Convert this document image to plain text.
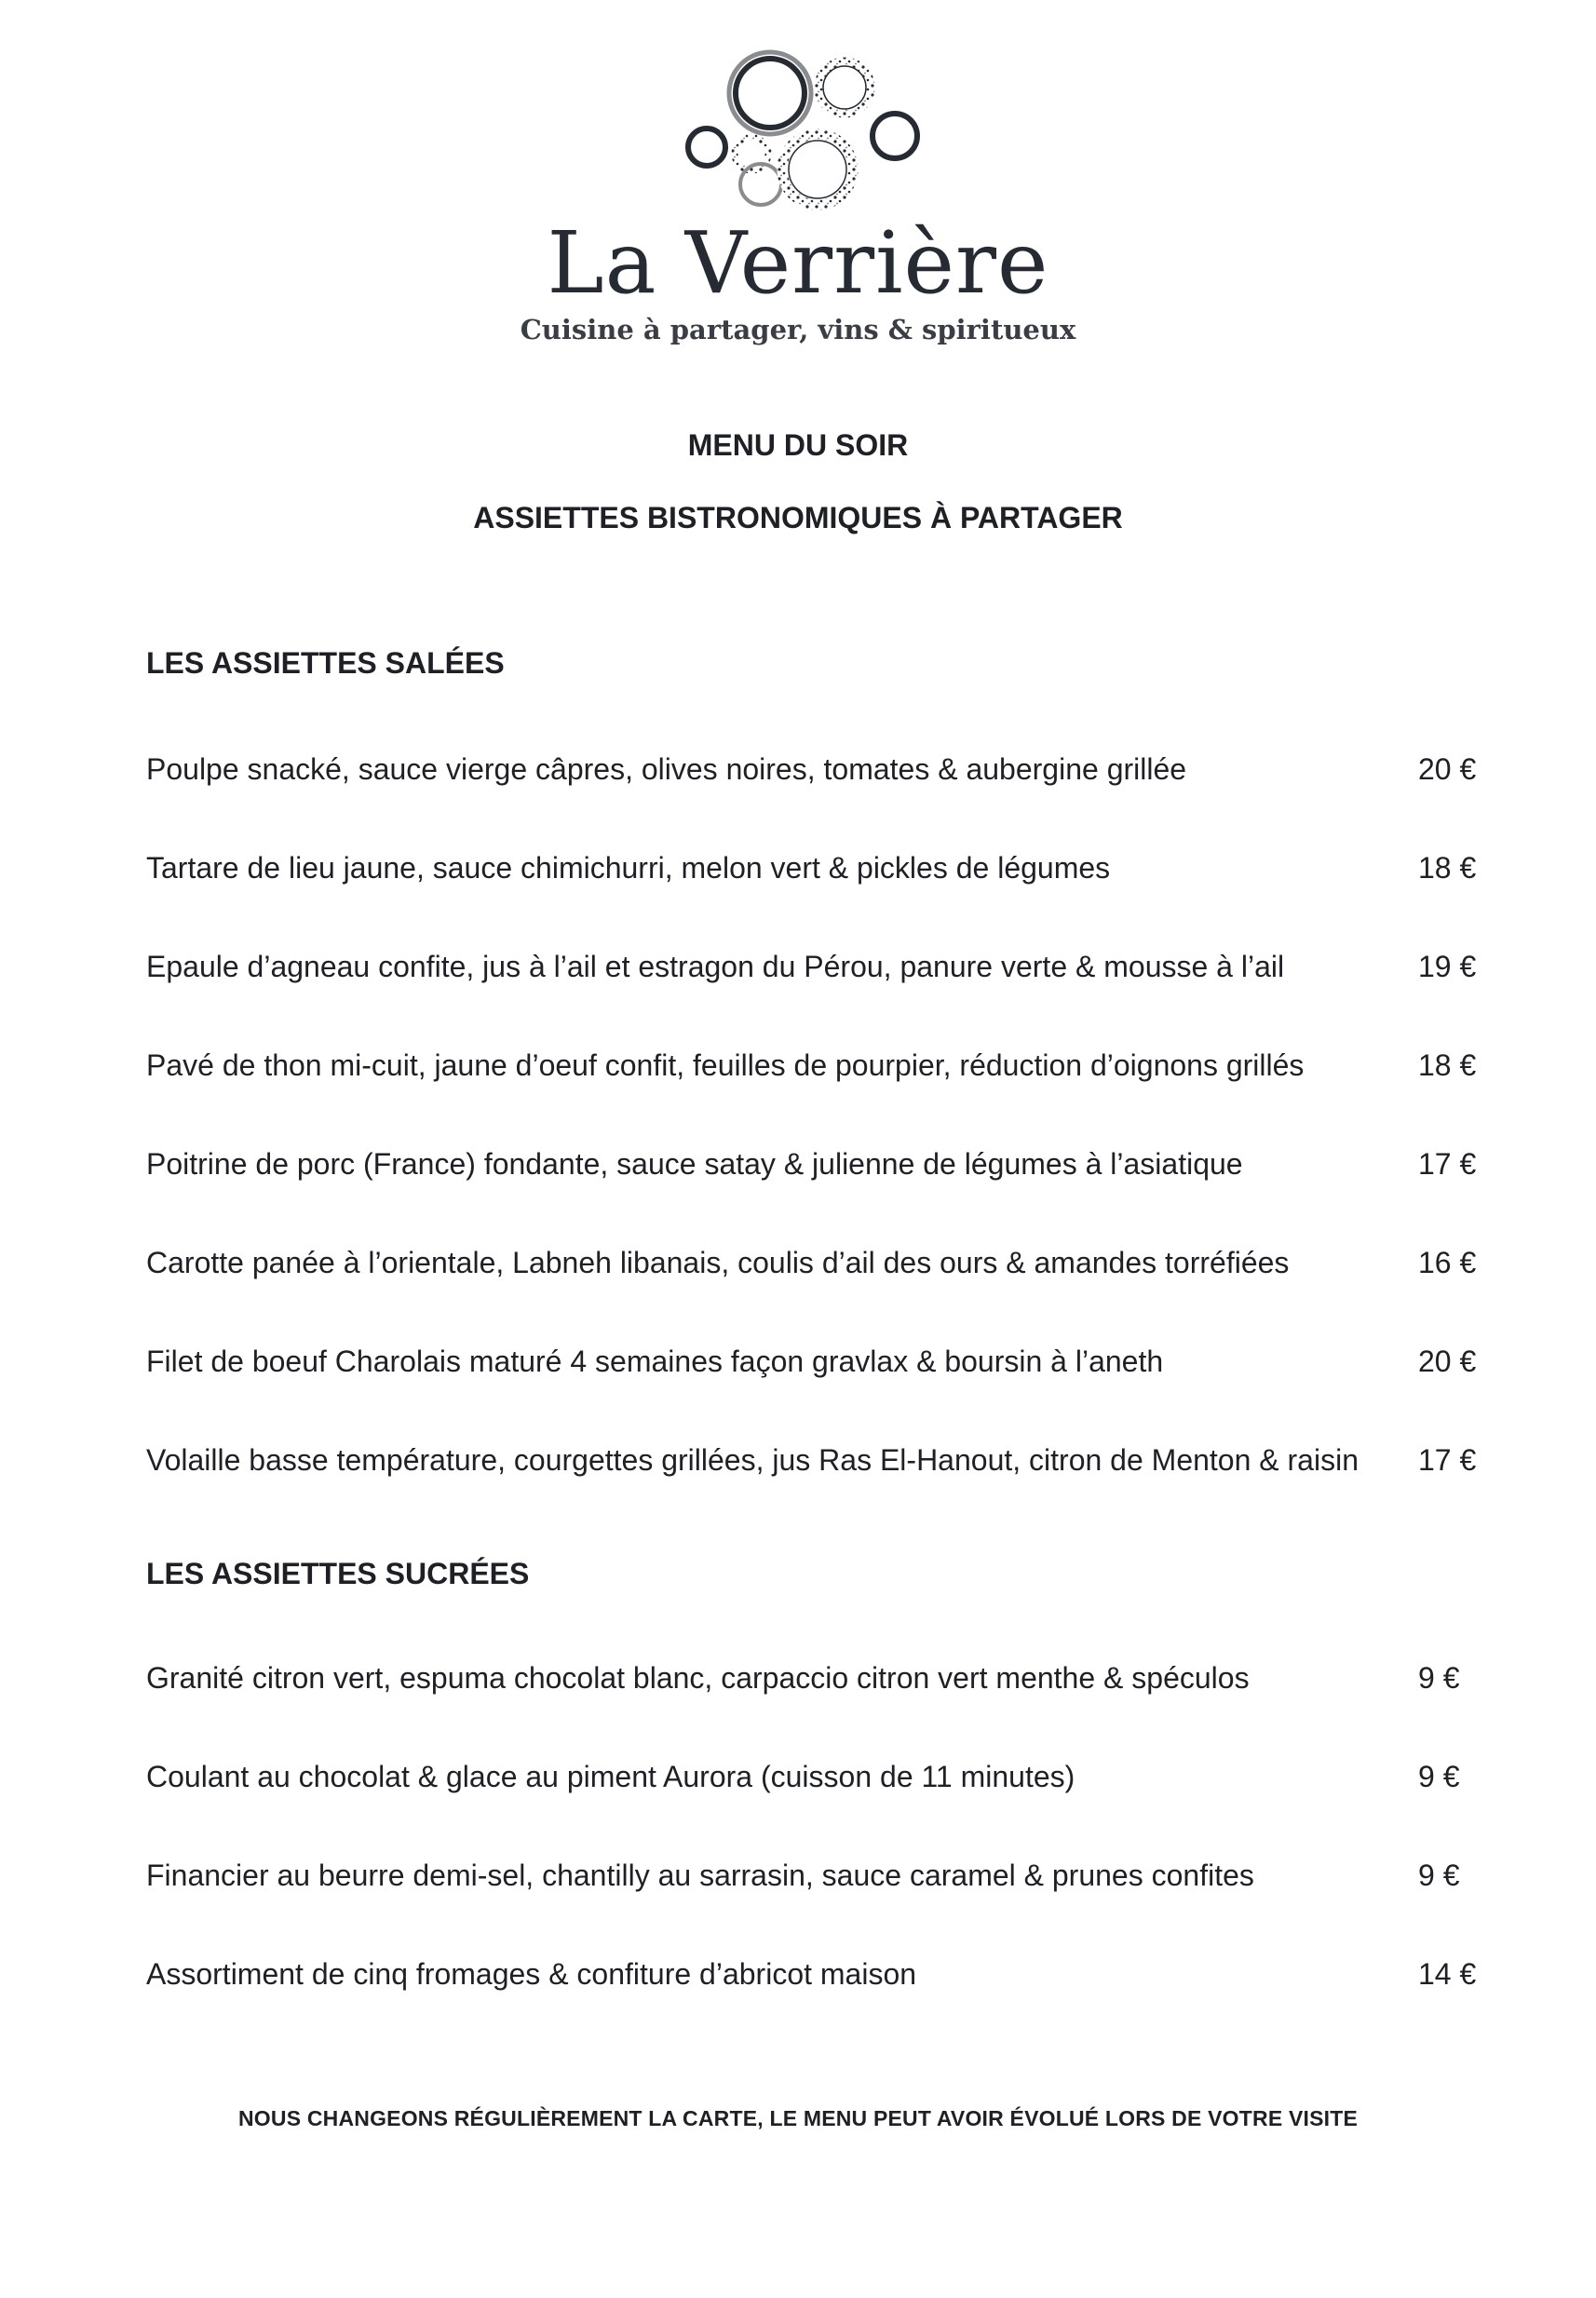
La Verrière
Cuisine à partager, vins & spiritueux
MENU DU SOIR
ASSIETTES BISTRONOMIQUES À PARTAGER
LES ASSIETTES SALÉES
Poulpe snacké, sauce vierge câpres, olives noires, tomates & aubergine grillée	20 €
Tartare de lieu jaune, sauce chimichurri, melon vert & pickles de légumes	18 €
Epaule d’agneau confite, jus à l’ail et estragon du Pérou, panure verte & mousse à l’ail	19 €
Pavé de thon mi-cuit, jaune d’oeuf confit, feuilles de pourpier, réduction d’oignons grillés	18 €
Poitrine de porc (France) fondante, sauce satay & julienne de légumes à l’asiatique	17 €
Carotte panée à l’orientale, Labneh libanais, coulis d’ail des ours & amandes torréfiées	16 €
Filet de boeuf Charolais maturé 4 semaines façon gravlax & boursin à l’aneth	20 €
Volaille basse température, courgettes grillées, jus Ras El-Hanout, citron de Menton & raisin 17 €
LES ASSIETTES SUCRÉES
Granité citron vert, espuma chocolat blanc, carpaccio citron vert menthe & spéculos	9 €
Coulant au chocolat & glace au piment Aurora (cuisson de 11 minutes)	9 €
Financier au beurre demi-sel, chantilly au sarrasin, sauce caramel & prunes confites	9 €
Assortiment de cinq fromages & confiture d’abricot maison	14 €
NOUS CHANGEONS RÉGULIÈREMENT LA CARTE, LE MENU PEUT AVOIR ÉVOLUÉ LORS DE VOTRE VISITE
